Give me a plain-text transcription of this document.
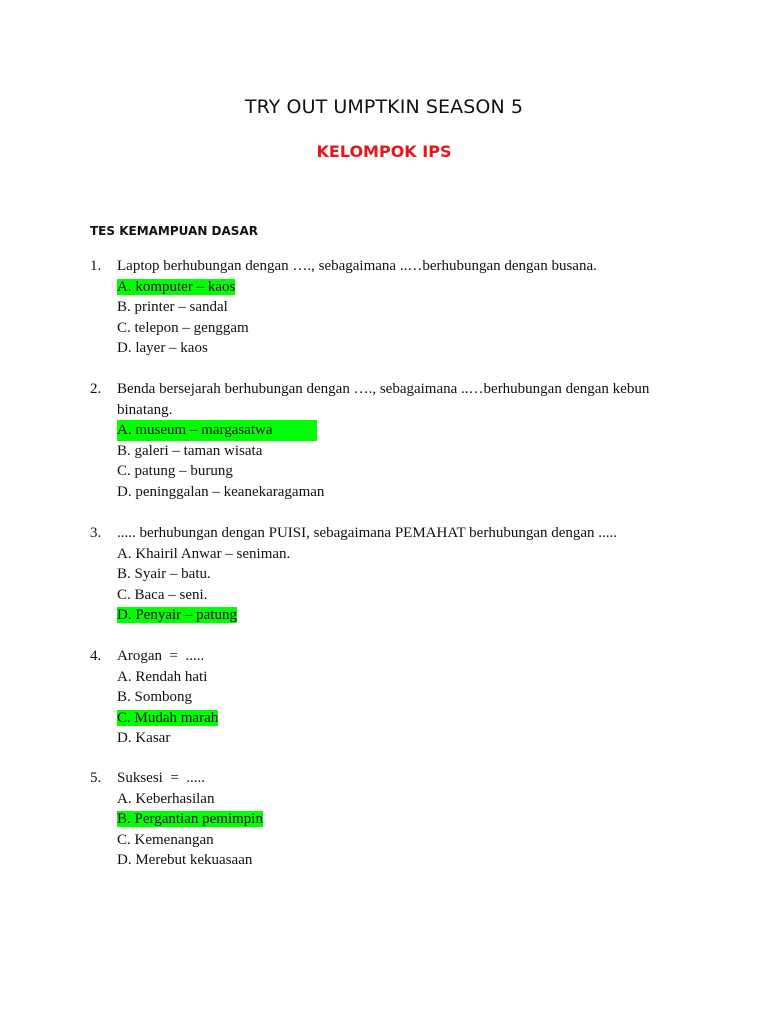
TRY OUT UMPTKIN SEASON 5
KELOMPOK IPS
TES KEMAMPUAN DASAR
1.	Laptop berhubungan dengan …., sebagaimana ..…berhubungan dengan busana.
A. komputer – kaos
B. printer – sandal
C. telepon – genggam
D. layer – kaos
2.	Benda bersejarah berhubungan dengan …., sebagaimana ..…berhubungan dengan kebun binatang.
A. museum – margasatwa
B. galeri – taman wisata
C. patung – burung
D. peninggalan – keanekaragaman
3.	..... berhubungan dengan PUISI, sebagaimana PEMAHAT berhubungan dengan .....
A. Khairil Anwar – seniman.
B. Syair – batu.
C. Baca – seni.
D. Penyair – patung
4.	Arogan  =  .....
A. Rendah hati
B. Sombong
C. Mudah marah
D. Kasar
5.	Suksesi  =  .....
A. Keberhasilan
B. Pergantian pemimpin
C. Kemenangan
D. Merebut kekuasaan
